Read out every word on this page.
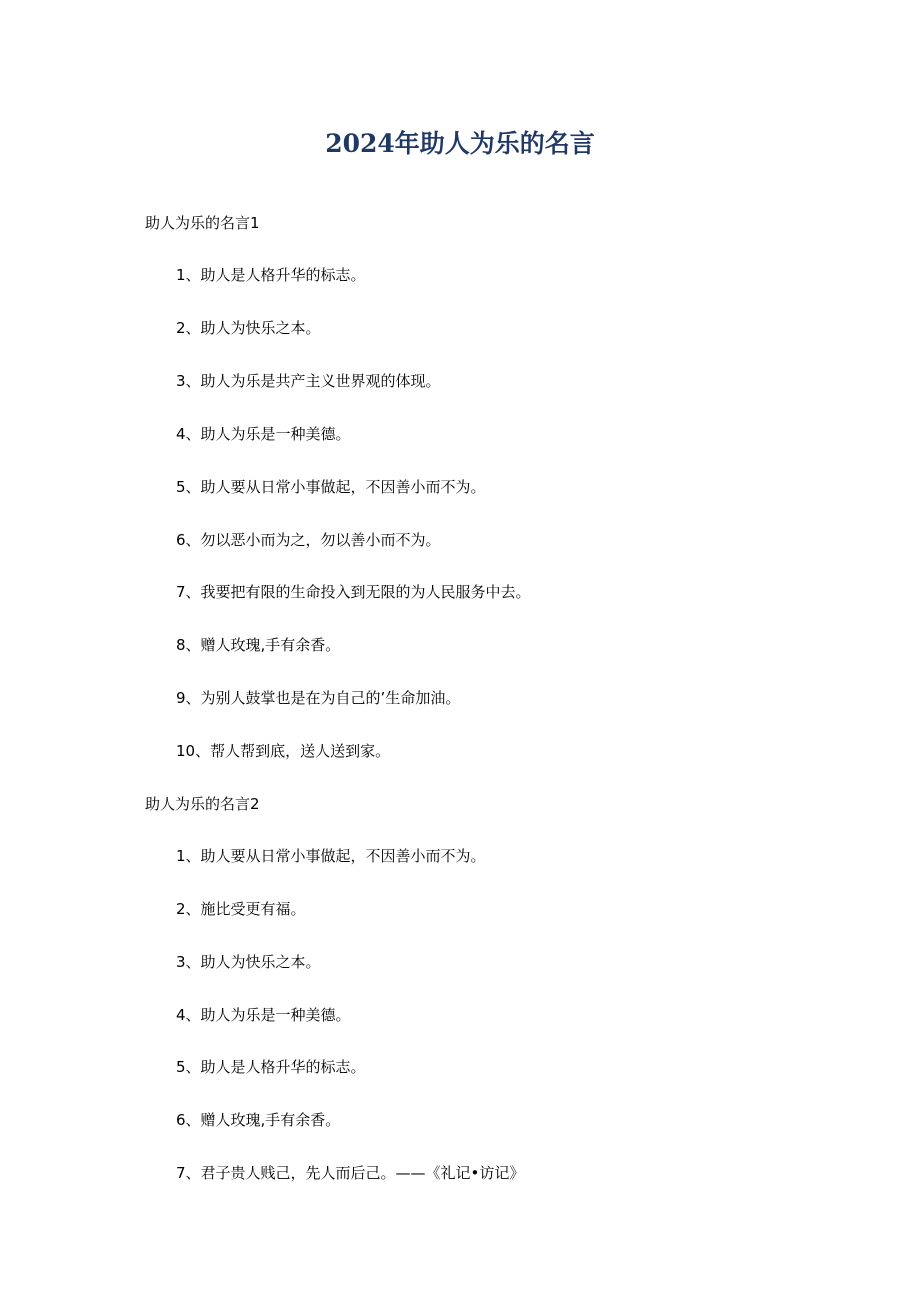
2024年助人为乐的名言

助人为乐的名言1

1、助人是人格升华的标志。

2、助人为快乐之本。

3、助人为乐是共产主义世界观的体现。

4、助人为乐是一种美德。

5、助人要从日常小事做起，不因善小而不为。

6、勿以恶小而为之，勿以善小而不为。

7、我要把有限的生命投入到无限的为人民服务中去。

8、赠人玫瑰,手有余香。

9、为别人鼓掌也是在为自己的’生命加油。

10、帮人帮到底，送人送到家。

助人为乐的名言2

1、助人要从日常小事做起，不因善小而不为。

2、施比受更有福。

3、助人为快乐之本。

4、助人为乐是一种美德。

5、助人是人格升华的标志。

6、赠人玫瑰,手有余香。

7、君子贵人贱己，先人而后己。——《礼记•访记》
